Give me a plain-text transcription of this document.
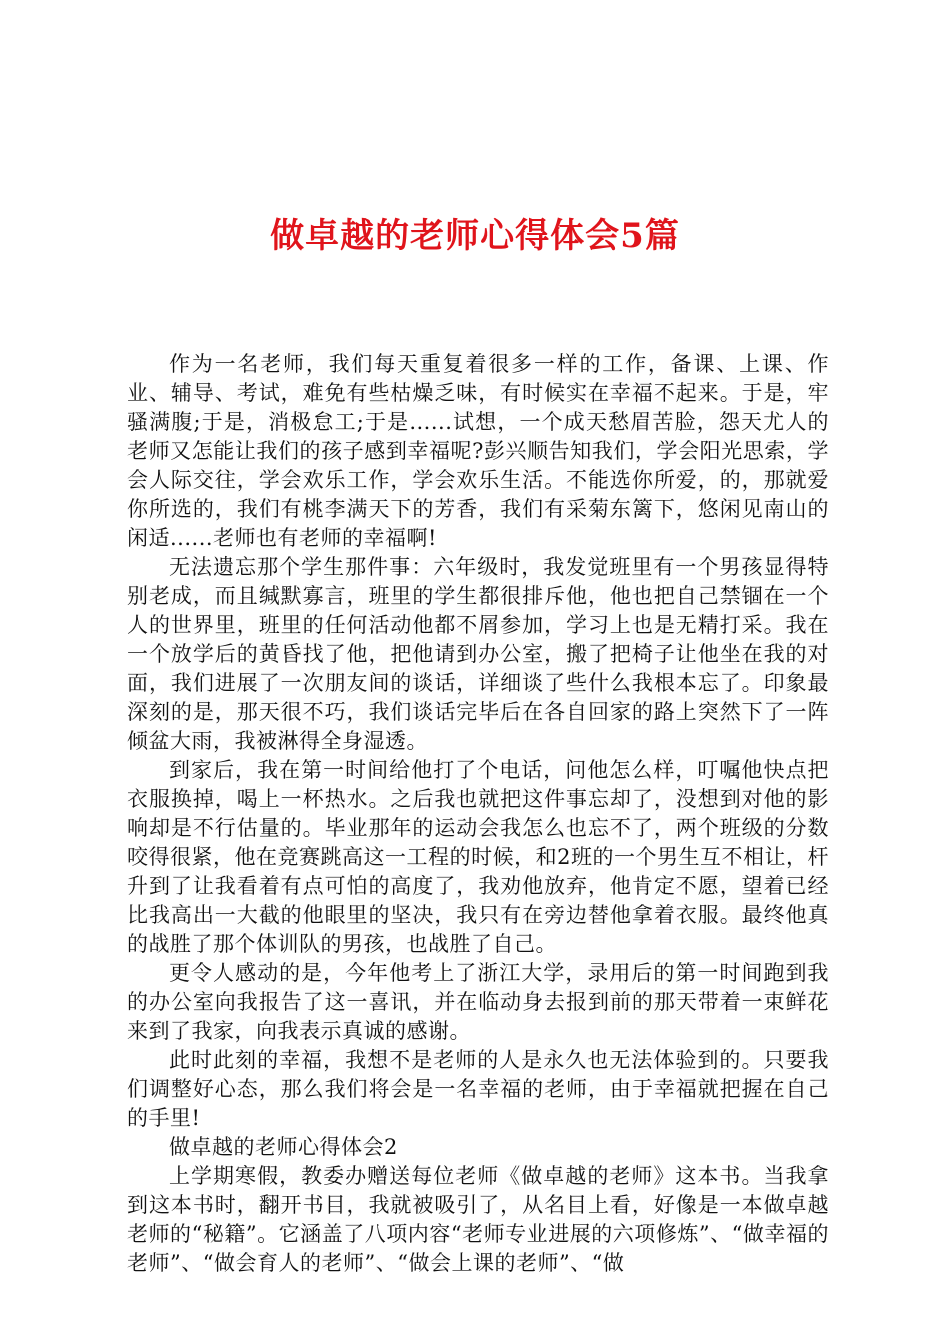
做卓越的老师心得体会5篇

作为一名老师，我们每天重复着很多一样的工作，备课、上课、作业、辅导、考试，难免有些枯燥乏味，有时候实在幸福不起来。于是，牢骚满腹;于是，消极怠工;于是......试想，一个成天愁眉苦脸，怨天尤人的老师又怎能让我们的孩子感到幸福呢?彭兴顺告知我们，学会阳光思索，学会人际交往，学会欢乐工作，学会欢乐生活。不能选你所爱，的，那就爱你所选的，我们有桃李满天下的芳香，我们有采菊东篱下，悠闲见南山的闲适......老师也有老师的幸福啊!

无法遗忘那个学生那件事：六年级时，我发觉班里有一个男孩显得特别老成，而且缄默寡言，班里的学生都很排斥他，他也把自己禁锢在一个人的世界里，班里的任何活动他都不屑参加，学习上也是无精打采。我在一个放学后的黄昏找了他，把他请到办公室，搬了把椅子让他坐在我的对面，我们进展了一次朋友间的谈话，详细谈了些什么我根本忘了。印象最深刻的是，那天很不巧，我们谈话完毕后在各自回家的路上突然下了一阵倾盆大雨，我被淋得全身湿透。

到家后，我在第一时间给他打了个电话，问他怎么样，叮嘱他快点把衣服换掉，喝上一杯热水。之后我也就把这件事忘却了，没想到对他的影响却是不行估量的。毕业那年的运动会我怎么也忘不了，两个班级的分数咬得很紧，他在竞赛跳高这一工程的时候，和2班的一个男生互不相让，杆升到了让我看着有点可怕的高度了，我劝他放弃，他肯定不愿，望着已经比我高出一大截的他眼里的坚决，我只有在旁边替他拿着衣服。最终他真的战胜了那个体训队的男孩，也战胜了自己。

更令人感动的是，今年他考上了浙江大学，录用后的第一时间跑到我的办公室向我报告了这一喜讯，并在临动身去报到前的那天带着一束鲜花来到了我家，向我表示真诚的感谢。

此时此刻的幸福，我想不是老师的人是永久也无法体验到的。只要我们调整好心态，那么我们将会是一名幸福的老师，由于幸福就把握在自己的手里!

做卓越的老师心得体会2

上学期寒假，教委办赠送每位老师《做卓越的老师》这本书。当我拿到这本书时，翻开书目，我就被吸引了，从名目上看，好像是一本做卓越老师的“秘籍”。它涵盖了八项内容“老师专业进展的六项修炼”、“做幸福的老师”、“做会育人的老师”、“做会上课的老师”、“做
